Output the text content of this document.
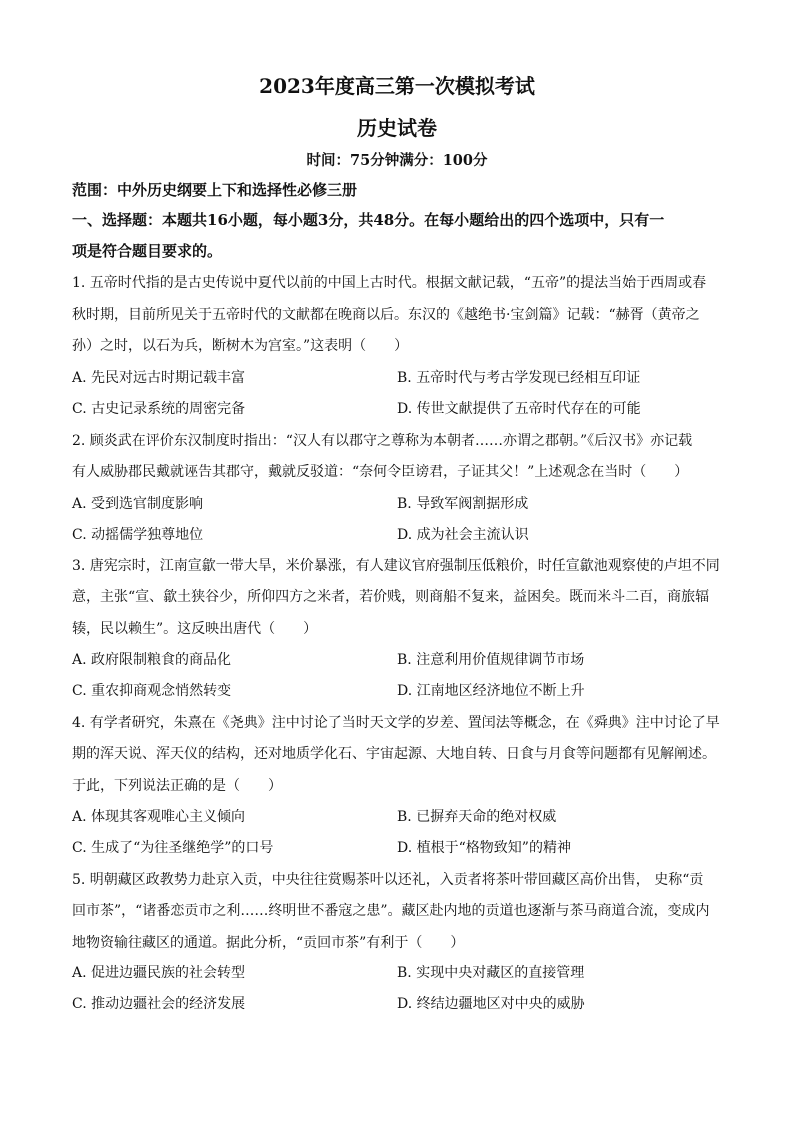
2023年度高三第一次模拟考试
历史试卷
时间：75分钟满分：100分
范围：中外历史纲要上下和选择性必修三册
一、选择题：本题共16小题，每小题3分，共48分。在每小题给出的四个选项中，只有一
项是符合题目要求的。
1. 五帝时代指的是古史传说中夏代以前的中国上古时代。根据文献记载，“五帝”的提法当始于西周或春
秋时期，目前所见关于五帝时代的文献都在晚商以后。东汉的《越绝书·宝剑篇》记载：“赫胥（黄帝之
孙）之时，以石为兵，断树木为宫室。”这表明（　　）
A. 先民对远古时期记载丰富	B. 五帝时代与考古学发现已经相互印证
C. 古史记录系统的周密完备	D. 传世文献提供了五帝时代存在的可能
2. 顾炎武在评价东汉制度时指出：“汉人有以郡守之尊称为本朝者……亦谓之郡朝。”《后汉书》亦记载
有人威胁郡民戴就诬告其郡守，戴就反驳道：“奈何令臣谤君，子证其父！”上述观念在当时（　　）
A. 受到选官制度影响	B. 导致军阀割据形成
C. 动摇儒学独尊地位	D. 成为社会主流认识
3. 唐宪宗时，江南宣歙一带大旱，米价暴涨，有人建议官府强制压低粮价，时任宣歙池观察使的卢坦不同
意，主张“宣、歙土狭谷少，所仰四方之米者，若价贱，则商船不复来，益困矣。既而米斗二百，商旅辐
辏，民以赖生”。这反映出唐代（　　）
A. 政府限制粮食的商品化	B. 注意利用价值规律调节市场
C. 重农抑商观念悄然转变	D. 江南地区经济地位不断上升
4. 有学者研究，朱熹在《尧典》注中讨论了当时天文学的岁差、置闰法等概念，在《舜典》注中讨论了早
期的浑天说、浑天仪的结构，还对地质学化石、宇宙起源、大地自转、日食与月食等问题都有见解阐述。
于此，下列说法正确的是（　　）
A. 体现其客观唯心主义倾向	B. 已摒弃天命的绝对权威
C. 生成了“为往圣继绝学”的口号	D. 植根于“格物致知”的精神
5. 明朝藏区政教势力赴京入贡，中央往往赏赐茶叶以还礼，入贡者将茶叶带回藏区高价出售， 史称“贡
回市茶”，“诸番恋贡市之利……终明世不番寇之患”。藏区赴内地的贡道也逐渐与茶马商道合流，变成内
地物资输往藏区的通道。据此分析，“贡回市茶”有利于（　　）
A. 促进边疆民族的社会转型	B. 实现中央对藏区的直接管理
C. 推动边疆社会的经济发展	D. 终结边疆地区对中央的威胁
